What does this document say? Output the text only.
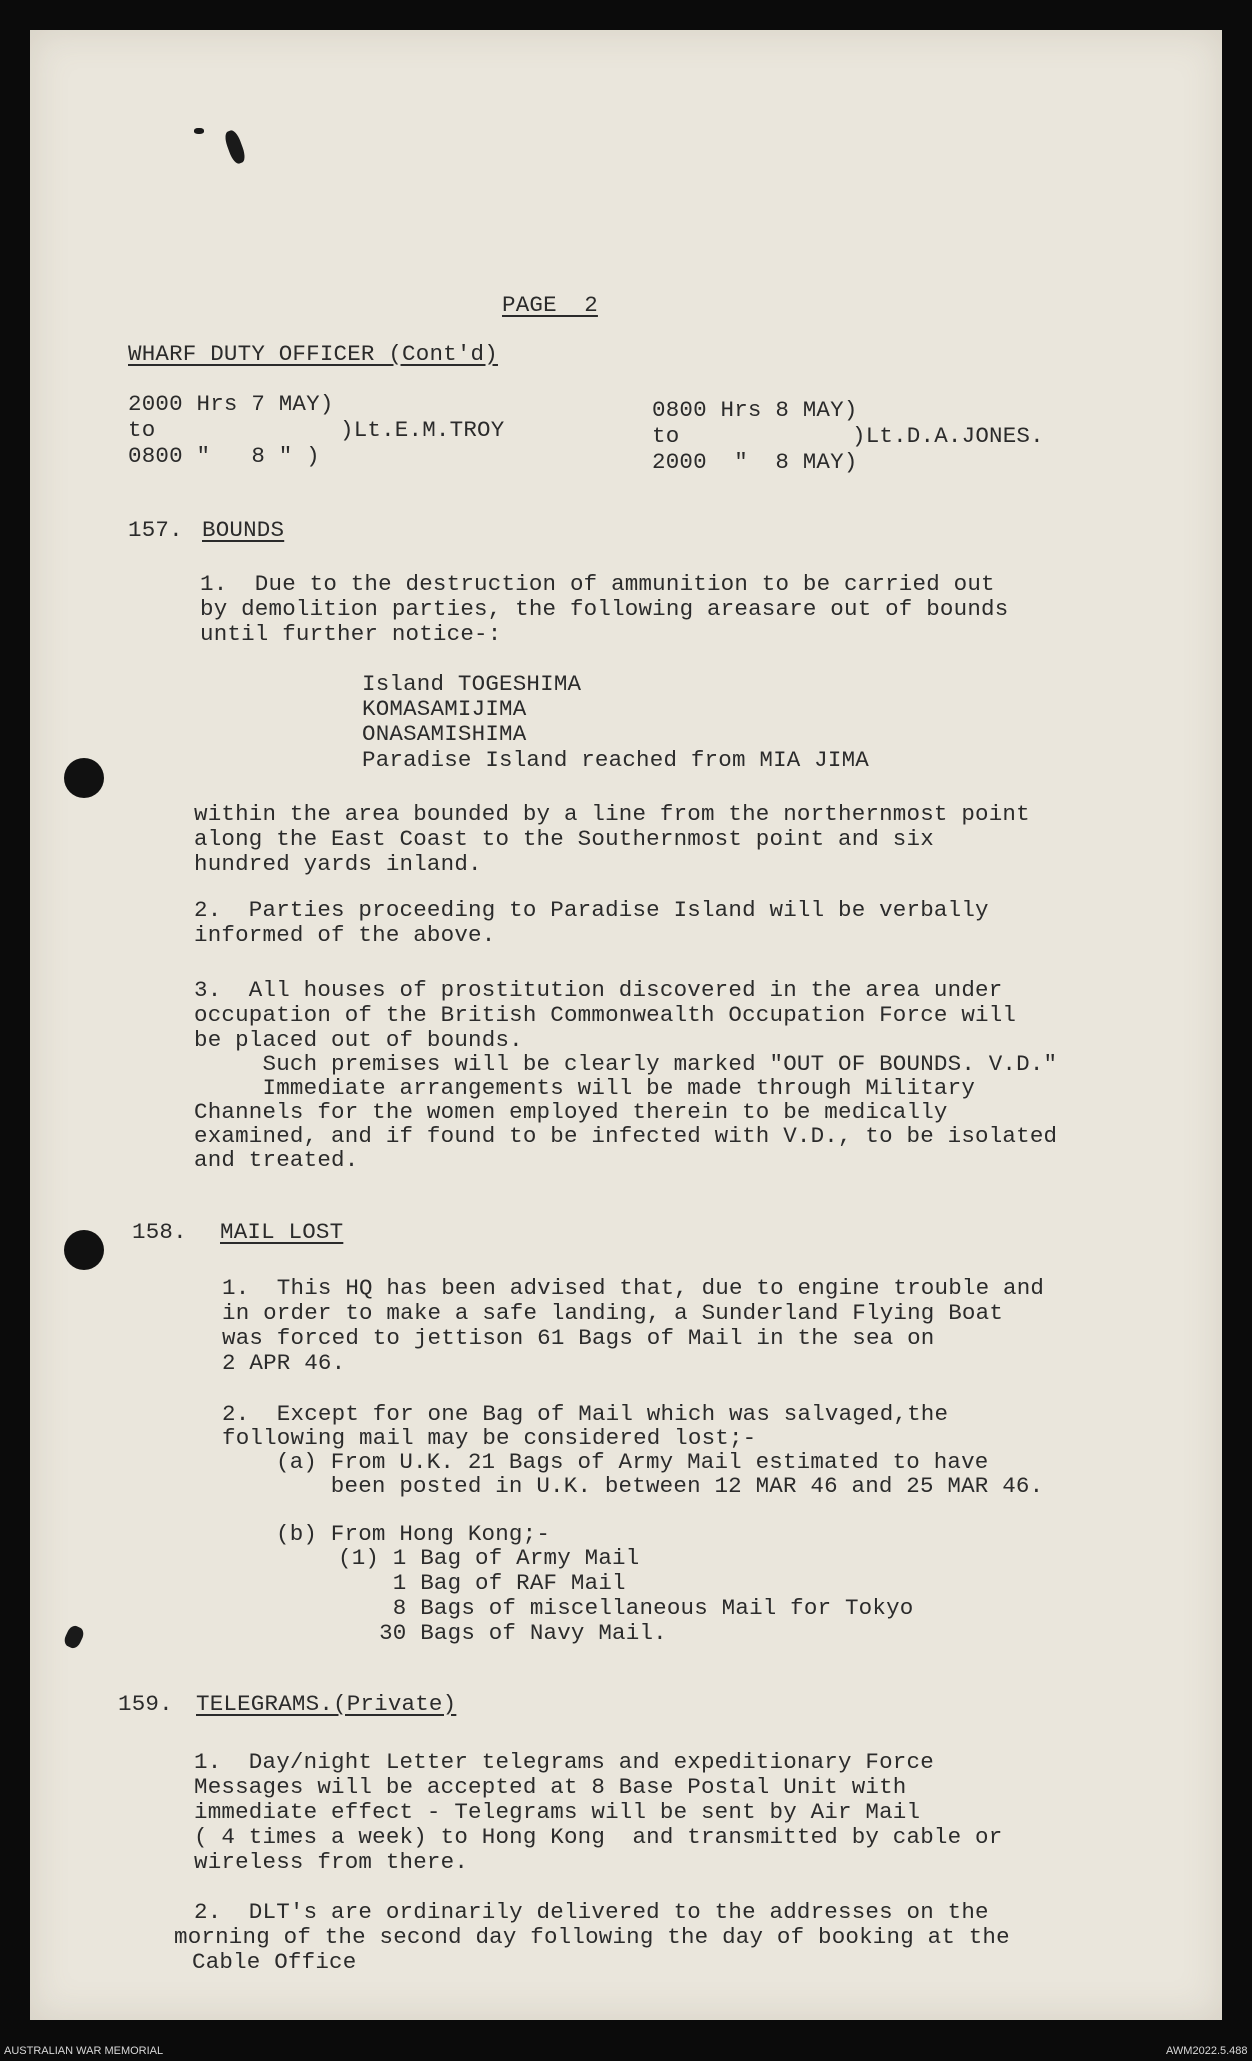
PAGE  2
WHARF DUTY OFFICER (Cont'd)
2000 Hrs 7 MAY)
to
0800 "   8 " )
)Lt.E.M.TROY
0800 Hrs 8 MAY)
to
2000  "  8 MAY)
)Lt.D.A.JONES.
157. BOUNDS
1.  Due to the destruction of ammunition to be carried out
by demolition parties, the following areasare out of bounds
until further notice-:
Island TOGESHIMA
KOMASAMIJIMA
ONASAMISHIMA
Paradise Island reached from MIA JIMA
within the area bounded by a line from the northernmost point
along the East Coast to the Southernmost point and six
hundred yards inland.
2.  Parties proceeding to Paradise Island will be verbally
informed of the above.
3.  All houses of prostitution discovered in the area under
occupation of the British Commonwealth Occupation Force will
be placed out of bounds.
Such premises will be clearly marked "OUT OF BOUNDS. V.D."
Immediate arrangements will be made through Military
Channels for the women employed therein to be medically
examined, and if found to be infected with V.D., to be isolated
and treated.
158. MAIL LOST
1.  This HQ has been advised that, due to engine trouble and
in order to make a safe landing, a Sunderland Flying Boat
was forced to jettison 61 Bags of Mail in the sea on
2 APR 46.
2.  Except for one Bag of Mail which was salvaged,the
following mail may be considered lost;-
(a) From U.K. 21 Bags of Army Mail estimated to have
been posted in U.K. between 12 MAR 46 and 25 MAR 46.
(b) From Hong Kong;-
(1) 1 Bag of Army Mail
1 Bag of RAF Mail
8 Bags of miscellaneous Mail for Tokyo
30 Bags of Navy Mail.
159. TELEGRAMS.(Private)
1.  Day/night Letter telegrams and expeditionary Force
Messages will be accepted at 8 Base Postal Unit with
immediate effect - Telegrams will be sent by Air Mail
( 4 times a week) to Hong Kong  and transmitted by cable or
wireless from there.
2.  DLT's are ordinarily delivered to the addresses on the
morning of the second day following the day of booking at the
Cable Office
AUSTRALIAN WAR MEMORIAL	AWM2022.5.488
